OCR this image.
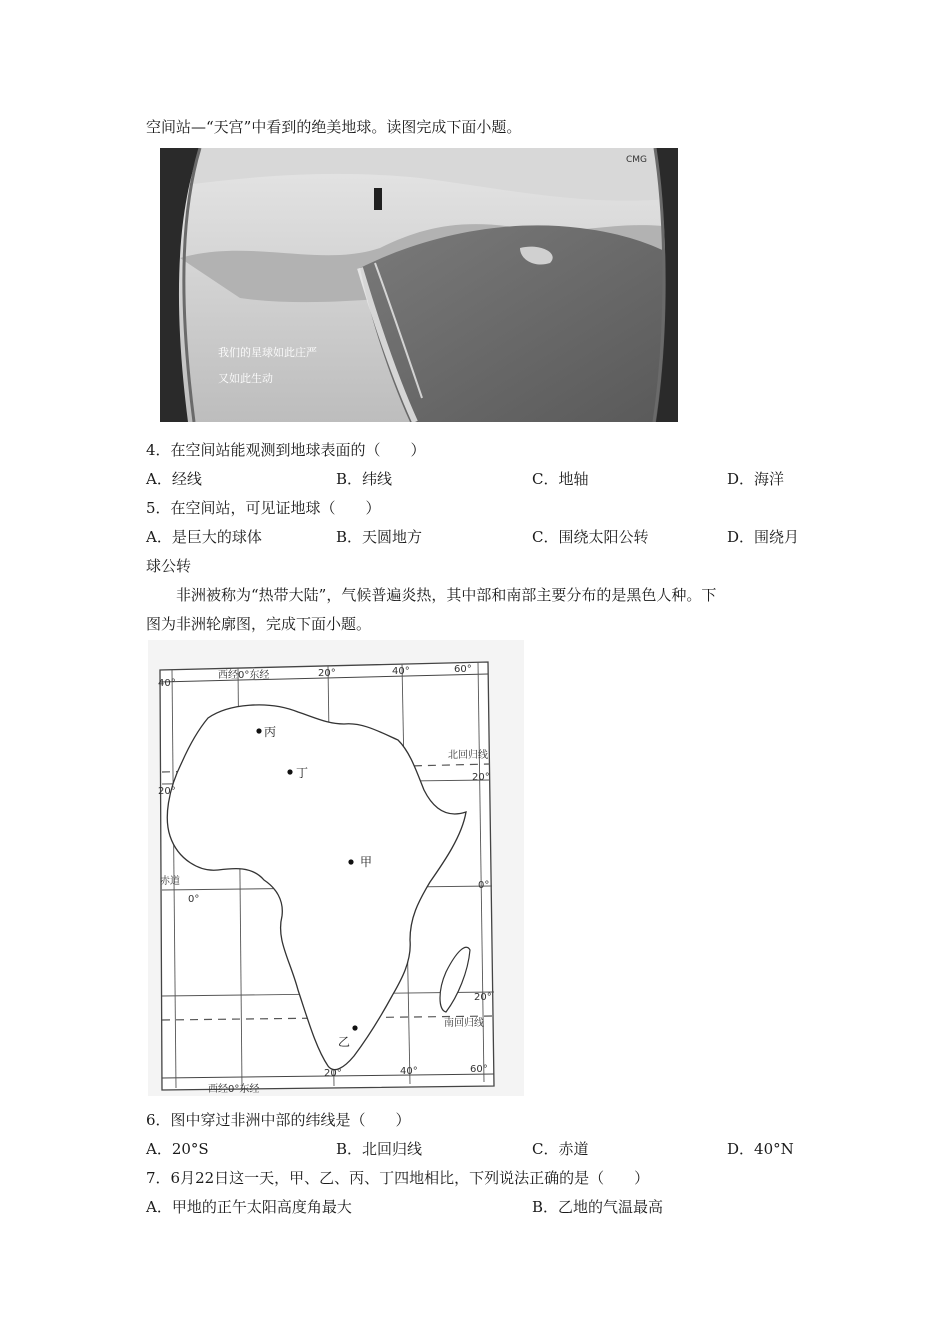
空间站—“天宫”中看到的绝美地球。读图完成下面小题。
CMG
我们的星球如此庄严
又如此生动
4．在空间站能观测到地球表面的（　　）
A．经线	B．纬线	C．地轴	D．海洋
5．在空间站，可见证地球（　　）
A．是巨大的球体	B．天圆地方	C．围绕太阳公转	D．围绕月
球公转
非洲被称为“热带大陆”，气候普遍炎热，其中部和南部主要分布的是黑色人种。下
图为非洲轮廓图，完成下面小题。
丙
丁
甲
乙
西经0°东经	20°	40°	60°
40°
20°
赤道
0°
北回归线
20°
0°
20°
南回归线
西经0°东经
20°	40°	60°
6．图中穿过非洲中部的纬线是（　　）
A．20°S	B．北回归线	C．赤道	D．40°N
7．6月22日这一天，甲、乙、丙、丁四地相比，下列说法正确的是（　　）
A．甲地的正午太阳高度角最大	B．乙地的气温最高
